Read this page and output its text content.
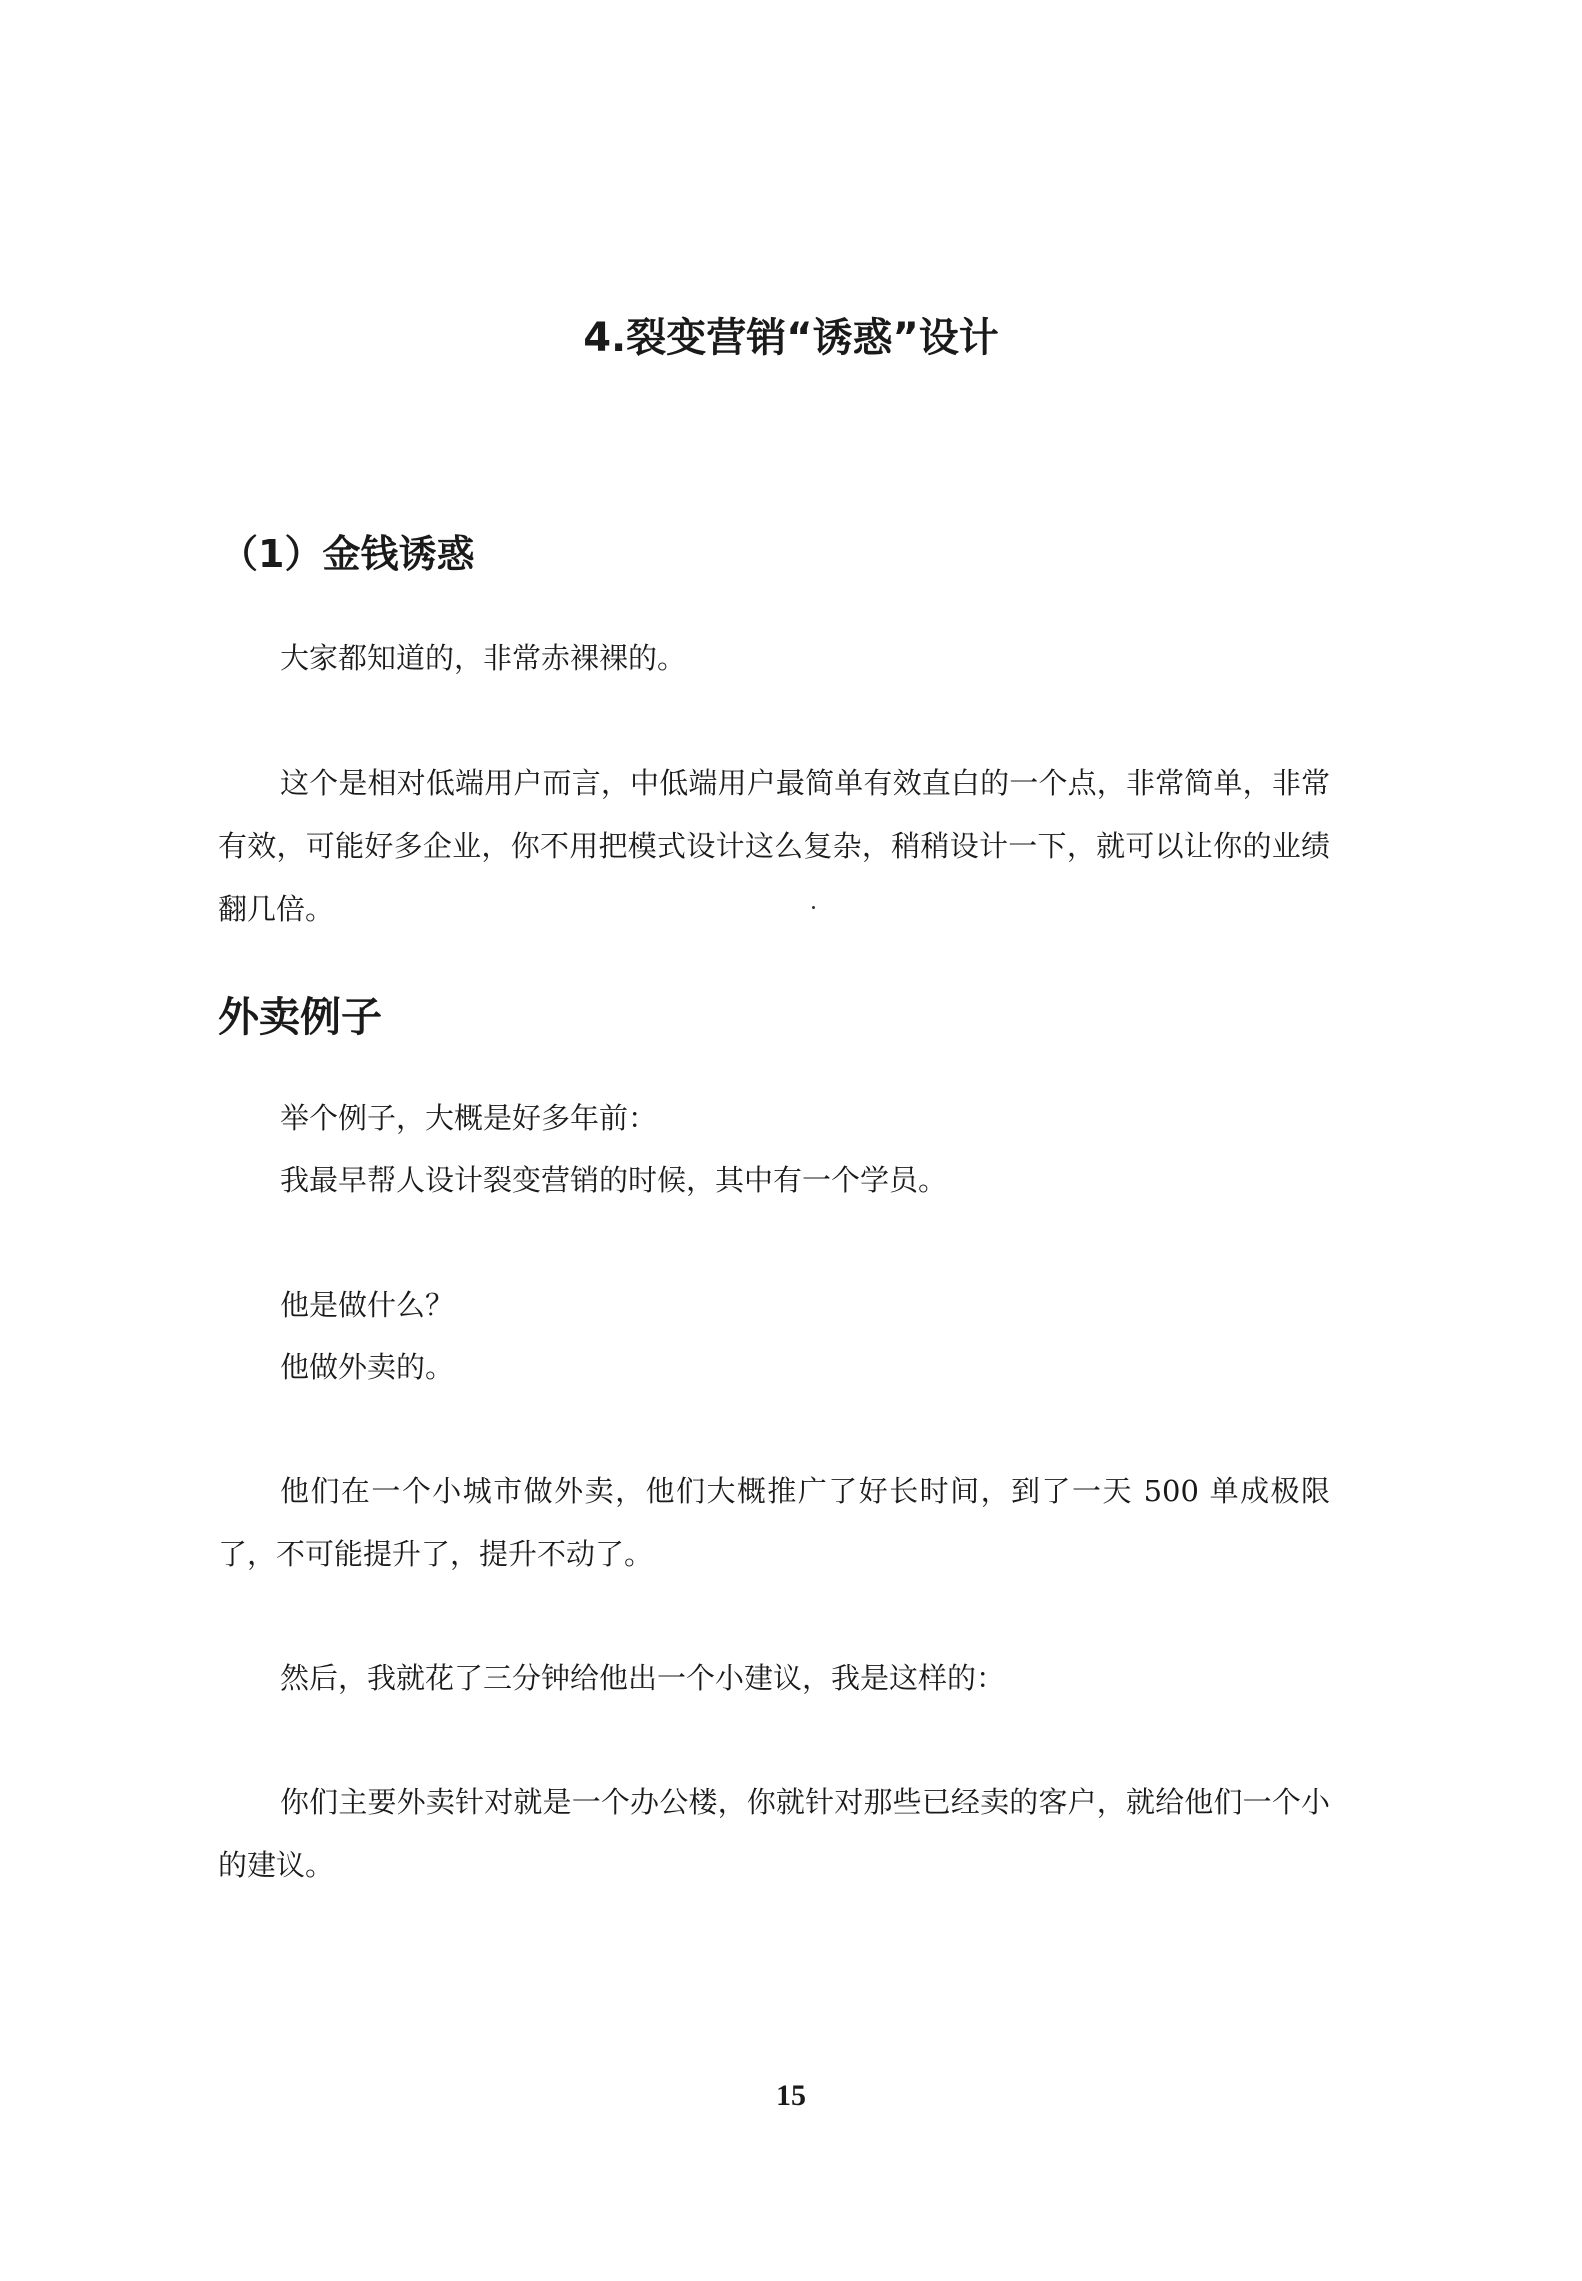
4.裂变营销“诱惑”设计
（1）金钱诱惑

大家都知道的，非常赤裸裸的。

这个是相对低端用户而言，中低端用户最简单有效直白的一个点，非常简单，非常有效，可能好多企业，你不用把模式设计这么复杂，稍稍设计一下，就可以让你的业绩翻几倍。

外卖例子

举个例子，大概是好多年前：

我最早帮人设计裂变营销的时候，其中有一个学员。

他是做什么？

他做外卖的。

他们在一个小城市做外卖，他们大概推广了好长时间，到了一天 500 单成极限了，不可能提升了，提升不动了。

然后，我就花了三分钟给他出一个小建议，我是这样的：

你们主要外卖针对就是一个办公楼，你就针对那些已经卖的客户，就给他们一个小的建议。

15
